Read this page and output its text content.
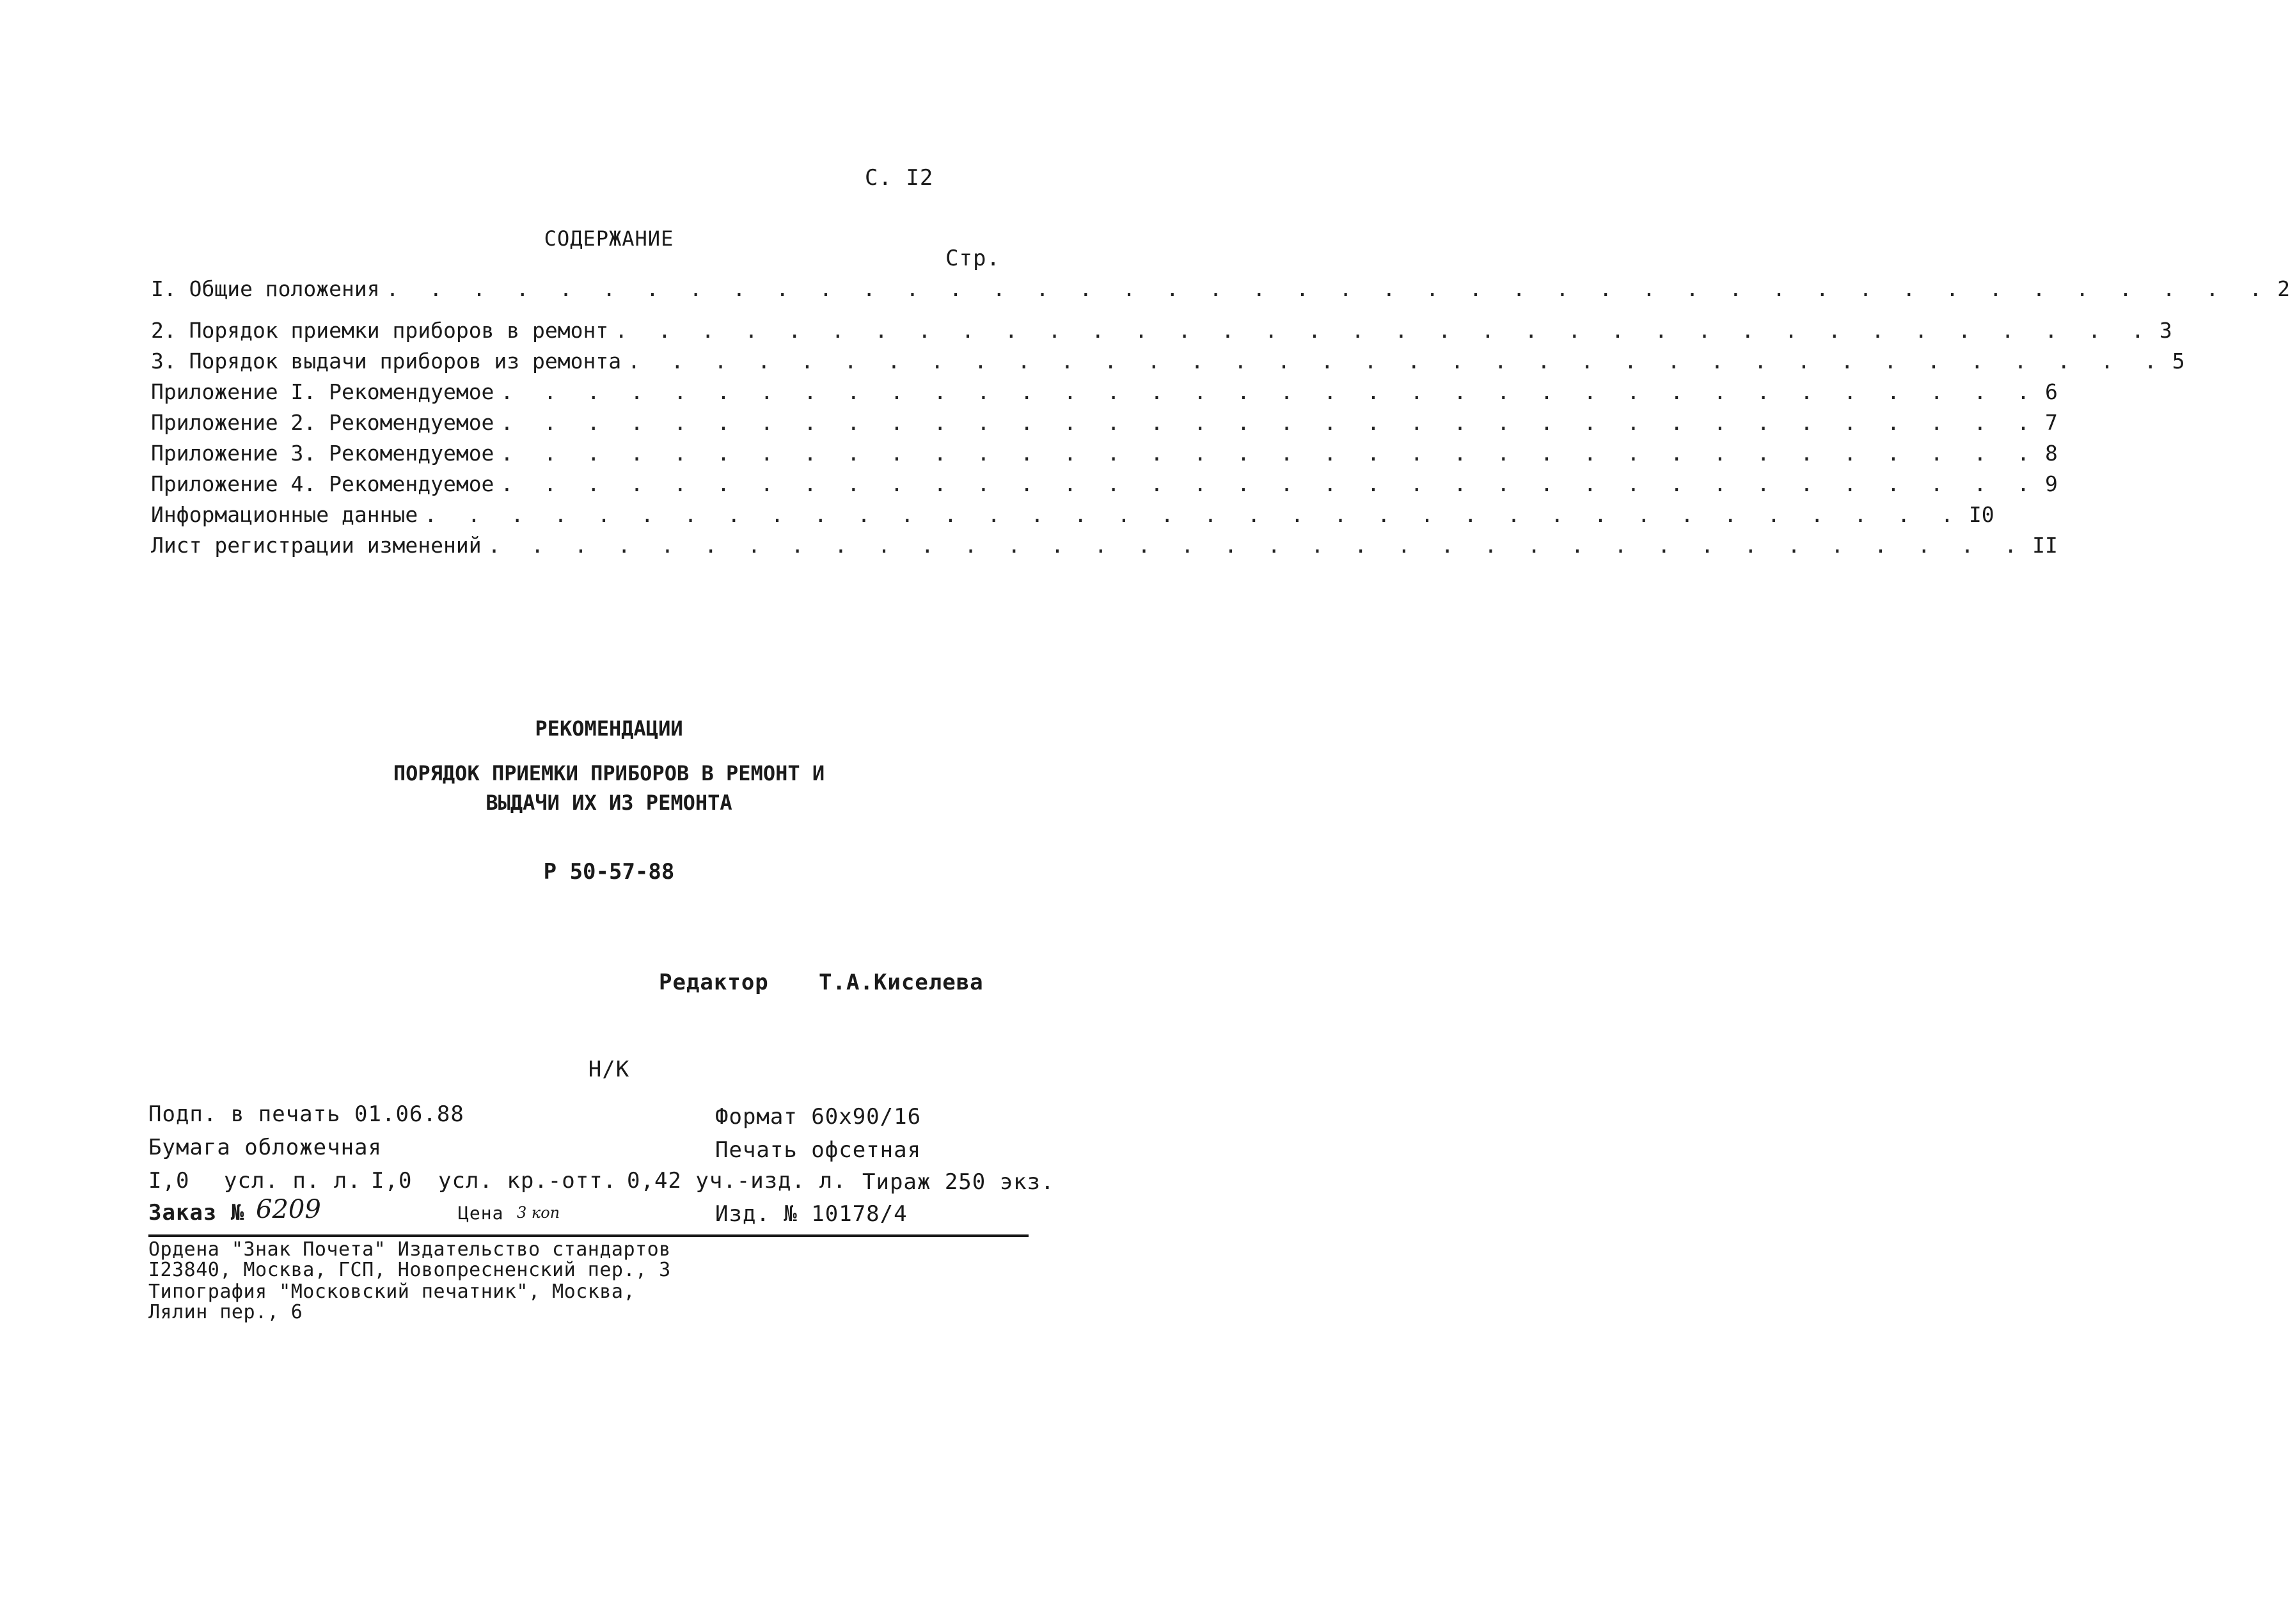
С. I2
СОДЕРЖАНИЕ
Стр.
I. Общие положения . . . . . . . . . . . . . . . . . . . . . . . . . . . . . . . . . . . . . . . . . . . . 2
2. Порядок приемки приборов в ремонт . . . . . . . . . . . . . . . . . . . . . . . . . . . . . . . . . . . . 3
3. Порядок выдачи приборов из ремонта . . . . . . . . . . . . . . . . . . . . . . . . . . . . . . . . . . . . 5
Приложение I. Рекомендуемое . . . . . . . . . . . . . . . . . . . . . . . . . . . . . . . . . . . . 6
Приложение 2. Рекомендуемое . . . . . . . . . . . . . . . . . . . . . . . . . . . . . . . . . . . . 7
Приложение 3. Рекомендуемое . . . . . . . . . . . . . . . . . . . . . . . . . . . . . . . . . . . . 8
Приложение 4. Рекомендуемое . . . . . . . . . . . . . . . . . . . . . . . . . . . . . . . . . . . . 9
Информационные данные . . . . . . . . . . . . . . . . . . . . . . . . . . . . . . . . . . . . I0
Лист регистрации изменений . . . . . . . . . . . . . . . . . . . . . . . . . . . . . . . . . . . . II
РЕКОМЕНДАЦИИ
ПОРЯДОК ПРИЕМКИ ПРИБОРОВ В РЕМОНТ И
ВЫДАЧИ ИХ ИЗ РЕМОНТА
Р 50-57-88
Редактор Т.А.Киселева
Н/К
Подп. в печать 01.06.88	Формат 60х90/16
Бумага обложечная	Печать офсетная
I,0 усл. п. л. I,0 усл. кр.-отт. 0,42 уч.-изд. л. Тираж 250 экз.
Заказ № 6209	Цена 3 коп	Изд. № 10178/4
Ордена "Знак Почета" Издательство стандартов
I23840, Москва, ГСП, Новопресненский пер., 3
Типография "Московский печатник", Москва,
Лялин пер., 6
